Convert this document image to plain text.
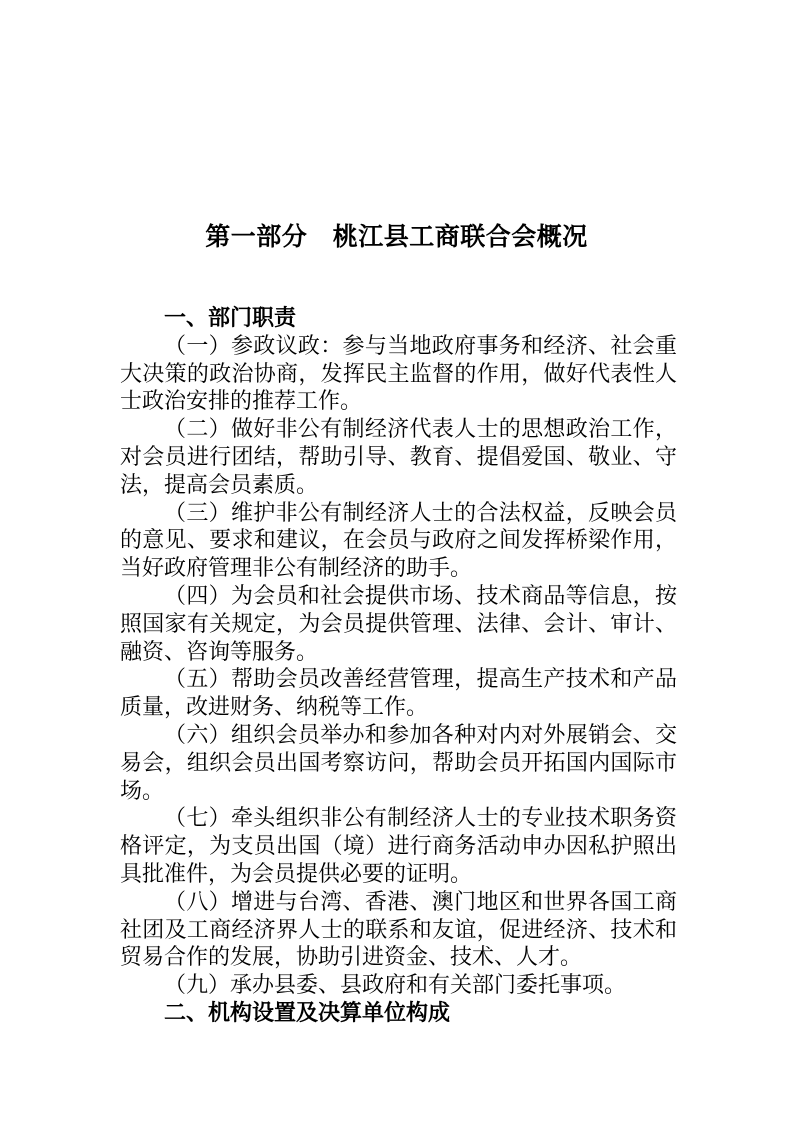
第一部分　桃江县工商联合会概况

一、部门职责

（一）参政议政：参与当地政府事务和经济、社会重大决策的政治协商，发挥民主监督的作用，做好代表性人士政治安排的推荐工作。

（二）做好非公有制经济代表人士的思想政治工作，对会员进行团结，帮助引导、教育、提倡爱国、敬业、守法，提高会员素质。

（三）维护非公有制经济人士的合法权益，反映会员的意见、要求和建议，在会员与政府之间发挥桥梁作用，当好政府管理非公有制经济的助手。

（四）为会员和社会提供市场、技术商品等信息，按照国家有关规定，为会员提供管理、法律、会计、审计、融资、咨询等服务。

（五）帮助会员改善经营管理，提高生产技术和产品质量，改进财务、纳税等工作。

（六）组织会员举办和参加各种对内对外展销会、交易会，组织会员出国考察访问，帮助会员开拓国内国际市场。

（七）牵头组织非公有制经济人士的专业技术职务资格评定，为支员出国（境）进行商务活动申办因私护照出具批准件，为会员提供必要的证明。

（八）增进与台湾、香港、澳门地区和世界各国工商社团及工商经济界人士的联系和友谊，促进经济、技术和贸易合作的发展，协助引进资金、技术、人才。

（九）承办县委、县政府和有关部门委托事项。

二、机构设置及决算单位构成
